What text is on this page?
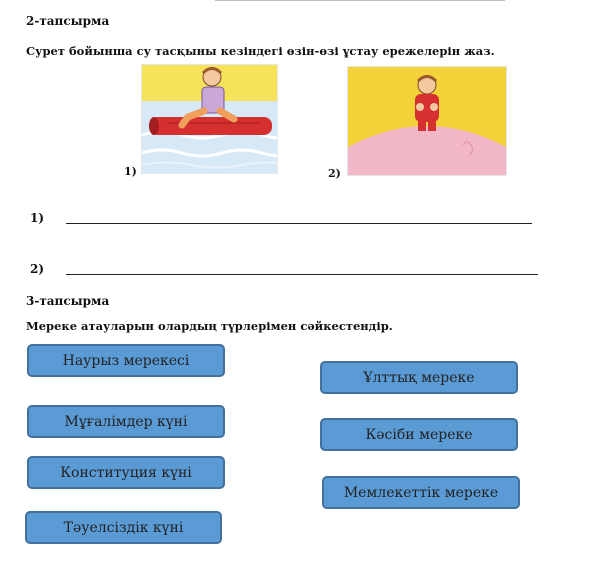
2-тапсырма
Сурет бойынша су тасқыны кезіндегі өзін-өзі ұстау ережелерін жаз.
1)	2)
1)
2)
3-тапсырма
Мереке атауларын олардың түрлерімен сәйкестендір.
Наурыз мерекесі
Мұғалімдер күні
Конституция күні
Тәуелсіздік күні
Ұлттық мереке
Кәсіби мереке
Мемлекеттік мереке
